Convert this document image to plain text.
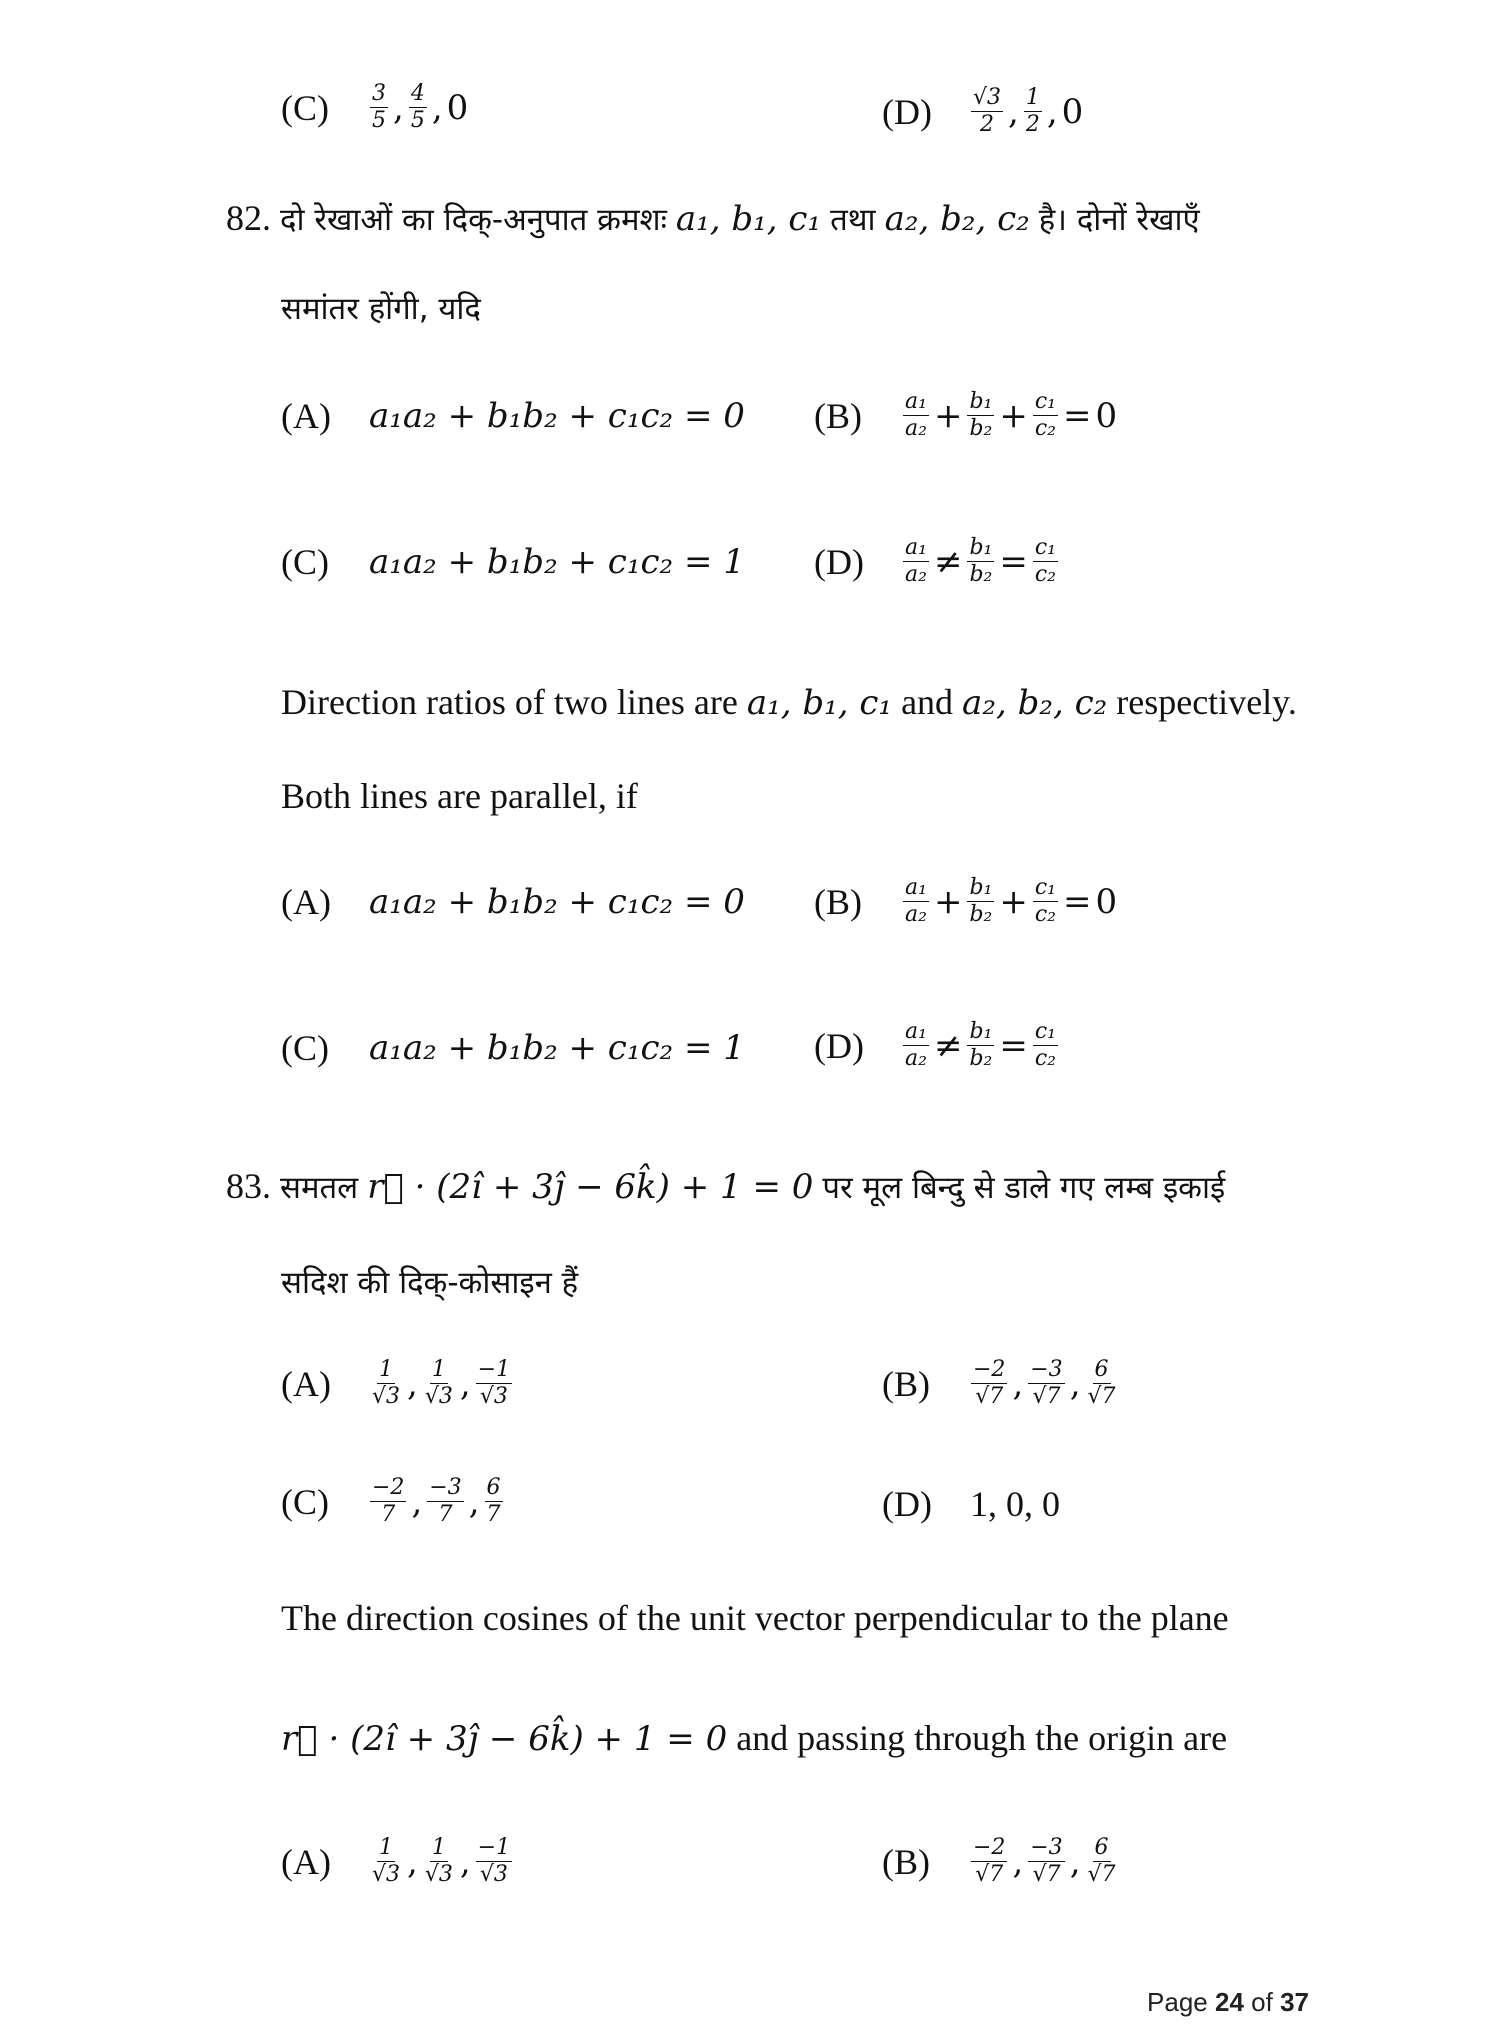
(C)	$\frac{3}{5}$ , $\frac{4}{5}$ , 0	(D)	$\frac{√3}{2}$ , $\frac{1}{2}$ , 0
82. दो रेखाओं का दिक्-अनुपात क्रमशः a₁, b₁, c₁ तथा a₂, b₂, c₂ है। दोनों रेखाएँ
समांतर होंगी, यदि
(A)	a₁a₂ + b₁b₂ + c₁c₂ = 0 (B)	$\frac{\text{a₁}}{\text{a₂}} + \frac{\text{b₁}}{\text{b₂}} + \frac{\text{c₁}}{\text{c₂}} = 0$
(C)	a₁a₂ + b₁b₂ + c₁c₂ = 1 (D)	$\frac{\text{a₁}}{\text{a₂}} \ne \frac{\text{b₁}}{\text{b₂}} = \frac{\text{c₁}}{\text{c₂}}$
Direction ratios of two lines are a₁, b₁, c₁ and a₂, b₂, c₂ respectively.
Both lines are parallel, if
(A)	a₁a₂ + b₁b₂ + c₁c₂ = 0 (B)	$\frac{\text{a₁}}{\text{a₂}} + \frac{\text{b₁}}{\text{b₂}} + \frac{\text{c₁}}{\text{c₂}} = 0$
(C)	a₁a₂ + b₁b₂ + c₁c₂ = 1 (D)	$\frac{\text{a₁}}{\text{a₂}} \ne \frac{\text{b₁}}{\text{b₂}} = \frac{\text{c₁}}{\text{c₂}}$
83. समतल r⃗ · (2î + 3ĵ − 6k̂) + 1 = 0 पर मूल बिन्दु से डाले गए लम्ब इकाई
सदिश की दिक्-कोसाइन हैं
(A)	$\frac{1}{√3}$ , $\frac{1}{√3}$ , $\frac{-1}{√3}$	(B)	$\frac{-2}{√7}$ , $\frac{-3}{√7}$ , $\frac{6}{√7}$
(C)	$\frac{-2}{7}$ , $\frac{-3}{7}$ , $\frac{6}{7}$	(D)	1, 0, 0
The direction cosines of the unit vector perpendicular to the plane
r⃗ · (2î + 3ĵ − 6k̂) + 1 = 0 and passing through the origin are
(A)	$\frac{1}{√3}$ , $\frac{1}{√3}$ , $\frac{-1}{√3}$	(B)	$\frac{-2}{√7}$ , $\frac{-3}{√7}$ , $\frac{6}{√7}$
Page 24 of 37
